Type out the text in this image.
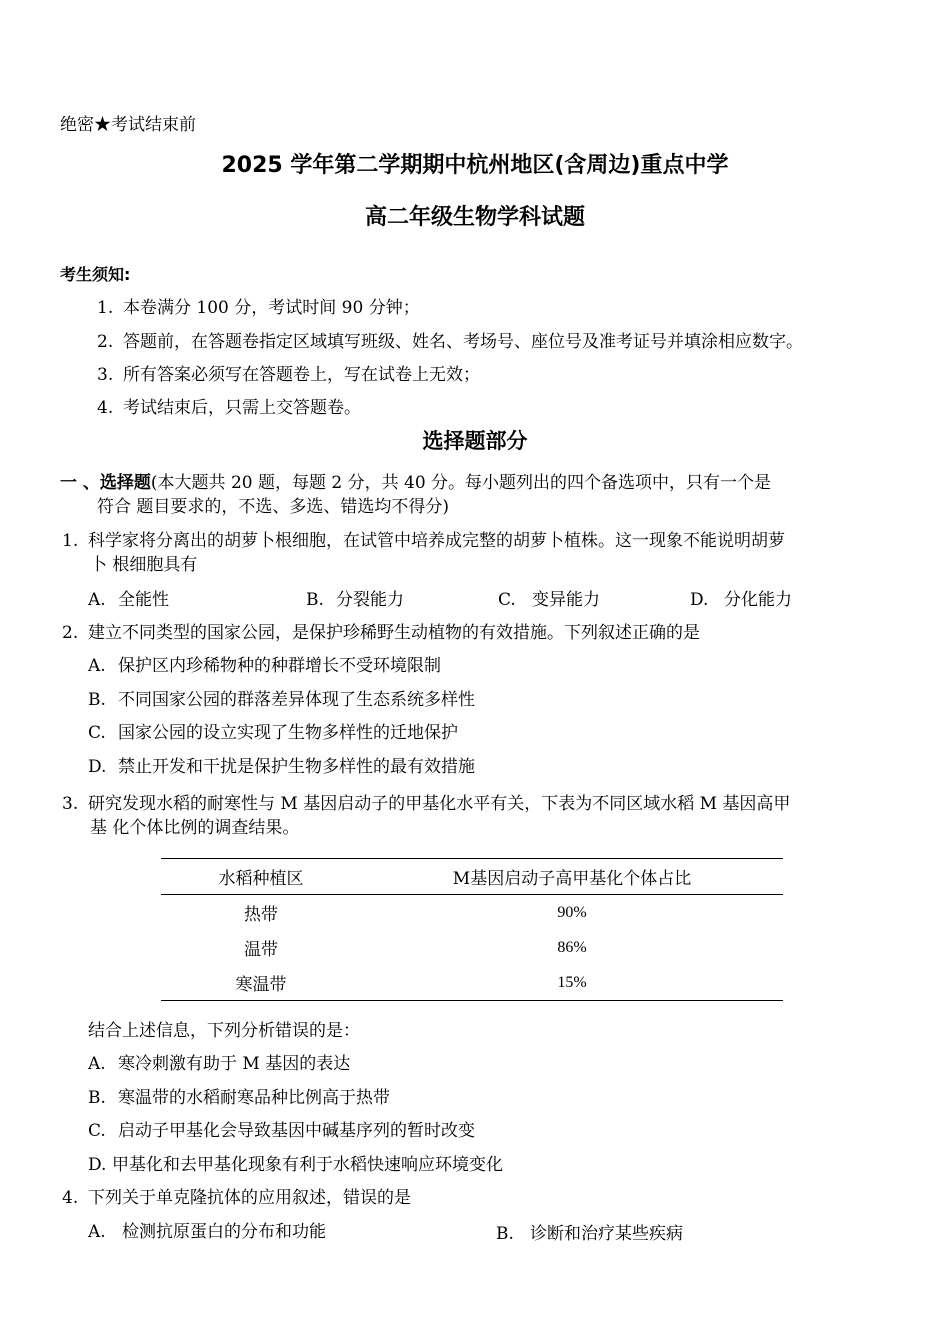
绝密★考试结束前
2025 学年第二学期期中杭州地区(含周边)重点中学
高二年级生物学科试题
考生须知:
1. 本卷满分 100 分，考试时间 90 分钟；
2. 答题前，在答题卷指定区域填写班级、姓名、考场号、座位号及准考证号并填涂相应数字。
3. 所有答案必须写在答题卷上，写在试卷上无效；
4. 考试结束后，只需上交答题卷。
选择题部分
一 、选择题(本大题共 20 题，每题 2 分，共 40 分。每小题列出的四个备选项中，只有一个是
符合 题目要求的，不选、多选、错选均不得分)
1. 科学家将分离出的胡萝卜根细胞，在试管中培养成完整的胡萝卜植株。这一现象不能说明胡萝
卜 根细胞具有
A. 全能性	B. 分裂能力	C. 变异能力	D. 分化能力
2. 建立不同类型的国家公园，是保护珍稀野生动植物的有效措施。下列叙述正确的是
A. 保护区内珍稀物种的种群增长不受环境限制
B. 不同国家公园的群落差异体现了生态系统多样性
C. 国家公园的设立实现了生物多样性的迁地保护
D. 禁止开发和干扰是保护生物多样性的最有效措施
3. 研究发现水稻的耐寒性与 M 基因启动子的甲基化水平有关，下表为不同区域水稻 M 基因高甲
基 化个体比例的调查结果。
水稻种植区	M基因启动子高甲基化个体占比
热带	90%
温带	86%
寒温带	15%
结合上述信息，下列分析错误的是：
A. 寒冷刺激有助于 M 基因的表达
B. 寒温带的水稻耐寒品种比例高于热带
C. 启动子甲基化会导致基因中碱基序列的暂时改变
D. 甲基化和去甲基化现象有利于水稻快速响应环境变化
4. 下列关于单克隆抗体的应用叙述，错误的是
A. 检测抗原蛋白的分布和功能	B. 诊断和治疗某些疾病
